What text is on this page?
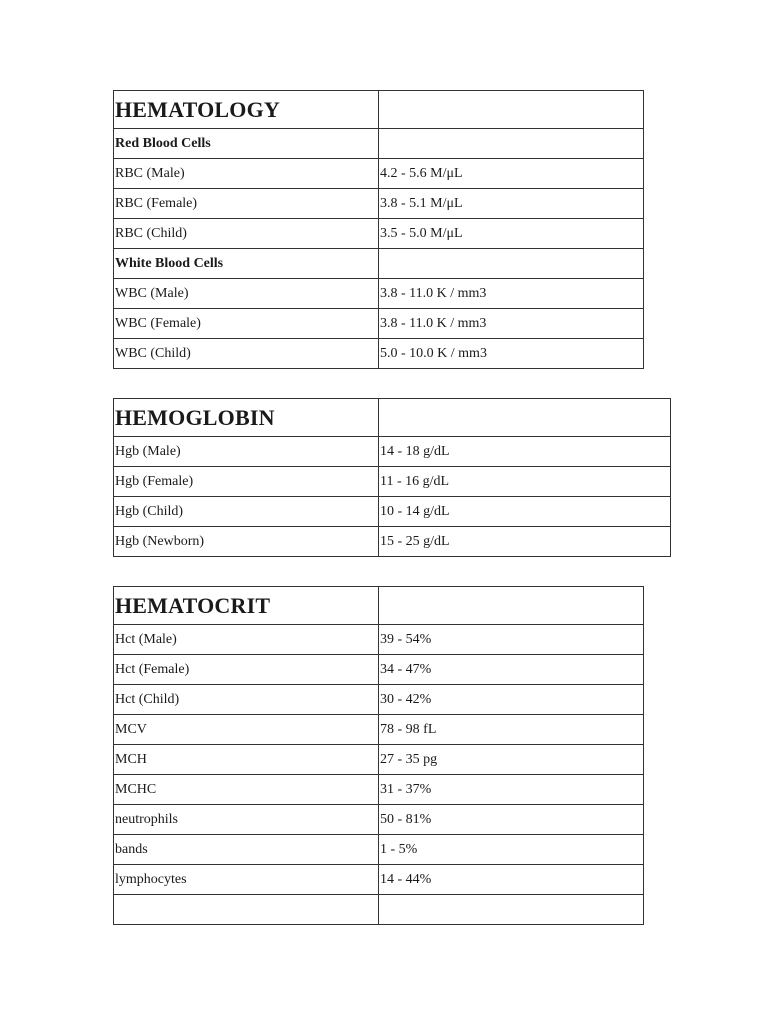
HEMATOLOGY	
Red Blood Cells	
RBC (Male)	4.2 - 5.6 M/μL
RBC (Female)	3.8 - 5.1 M/μL
RBC (Child)	3.5 - 5.0 M/μL
White Blood Cells	
WBC (Male)	3.8 - 11.0 K / mm3
WBC (Female)	3.8 - 11.0 K / mm3
WBC (Child)	5.0 - 10.0 K / mm3
HEMOGLOBIN	
Hgb (Male)	14 - 18 g/dL
Hgb (Female)	11 - 16 g/dL
Hgb (Child)	10 - 14 g/dL
Hgb (Newborn)	15 - 25 g/dL
HEMATOCRIT	
Hct (Male)	39 - 54%
Hct (Female)	34 - 47%
Hct (Child)	30 - 42%
MCV	78 - 98 fL
MCH	27 - 35 pg
MCHC	31 - 37%
neutrophils	50 - 81%
bands	1 - 5%
lymphocytes	14 - 44%
